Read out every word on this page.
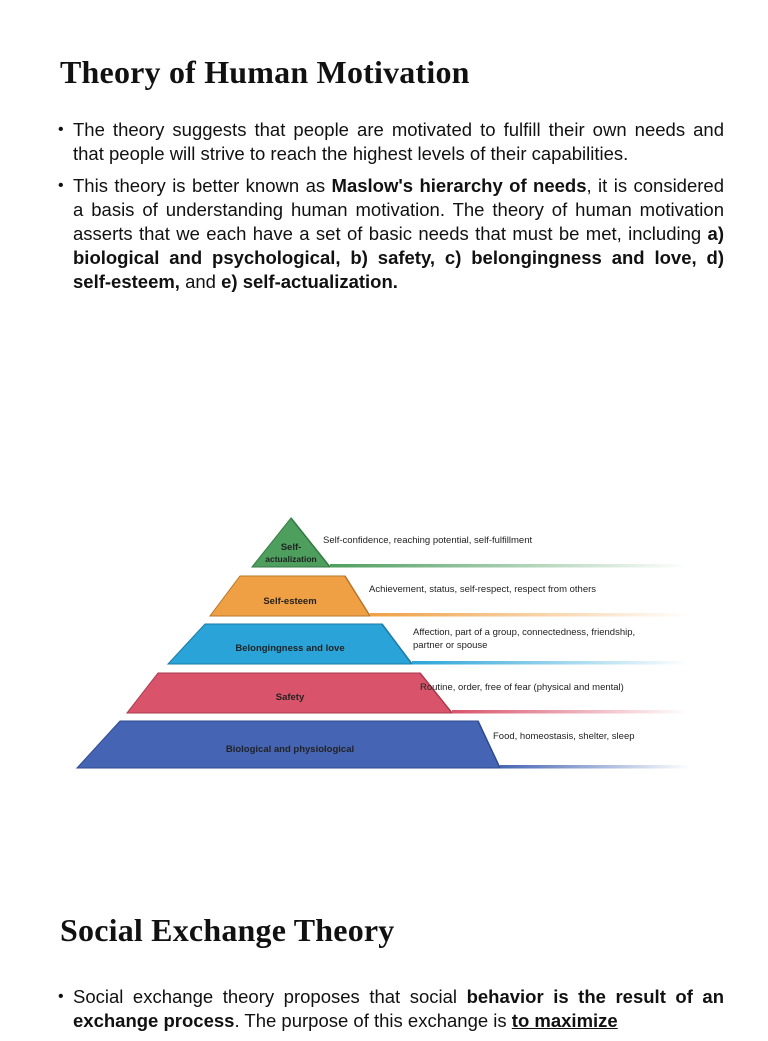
Theory of Human Motivation
• The theory suggests that people are motivated to fulfill their own needs and that people will strive to reach the highest levels of their capabilities.
• This theory is better known as Maslow's hierarchy of needs, it is considered a basis of understanding human motivation. The theory of human motivation asserts that we each have a set of basic needs that must be met, including a) biological and psychological, b) safety, c) belongingness and love, d) self-esteem, and e) self-actualization.
Biological and physiological
Food, homeostasis, shelter, sleep
Safety
Routine, order, free of fear (physical and mental)
Belongingness and love
Affection, part of a group, connectedness, friendship,
partner or spouse
Self-esteem
Achievement, status, self-respect, respect from others
Self-
actualization
Self-confidence, reaching potential, self-fulfillment
Social Exchange Theory
• Social exchange theory proposes that social behavior is the result of an exchange process. The purpose of this exchange is to maximize
